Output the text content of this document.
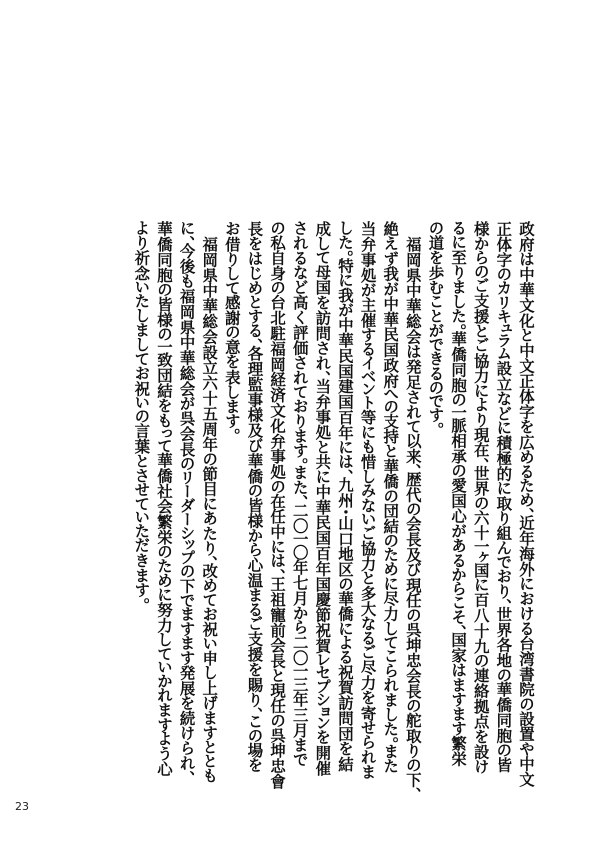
政府は中華文化と中文正体字を広めるため、近年海外における台湾書院の設置や中文
正体字のカリキュラム設立などに積極的に取り組んでおり、世界各地の華僑同胞の皆
様からのご支援とご協力により現在、世界の六十一ヶ国に百八十九の連絡拠点を設け
るに至りました。華僑同胞の一脈相承の愛国心があるからこそ、国家はますます繁栄
の道を歩むことができるのです。
　福岡県中華総会は発足されて以来、歴代の会長及び現任の呉坤忠会長の舵取りの下、
絶えず我が中華民国政府への支持と華僑の団結のために尽力してこられました。また
当弁事処が主催するイベント等にも惜しみないご協力と多大なるご尽力を寄せられま
した。特に我が中華民国建国百年には、九州・山口地区の華僑による祝賀訪問団を結
成して母国を訪問され、当弁事処と共に中華民国百年国慶節祝賀レセプションを開催
されるなど高く評価されております。また、二〇一〇年七月から二〇一三年三月まで
の私自身の台北駐福岡経済文化弁事処の在任中には、王祖寵前会長と現任の呉坤忠會
長をはじめとする、各理監事様及び華僑の皆様から心温まるご支援を賜り、この場を
お借りして感謝の意を表します。
　福岡県中華総会設立六十五周年の節目にあたり、改めてお祝い申し上げますととも
に、今後も福岡県中華総会が呉会長のリーダーシップの下でますます発展を続けられ、
華僑同胞の皆様の一致団結をもって華僑社会繁栄のために努力していかれますよう心
より祈念いたしましてお祝いの言葉とさせていただきます。
23
